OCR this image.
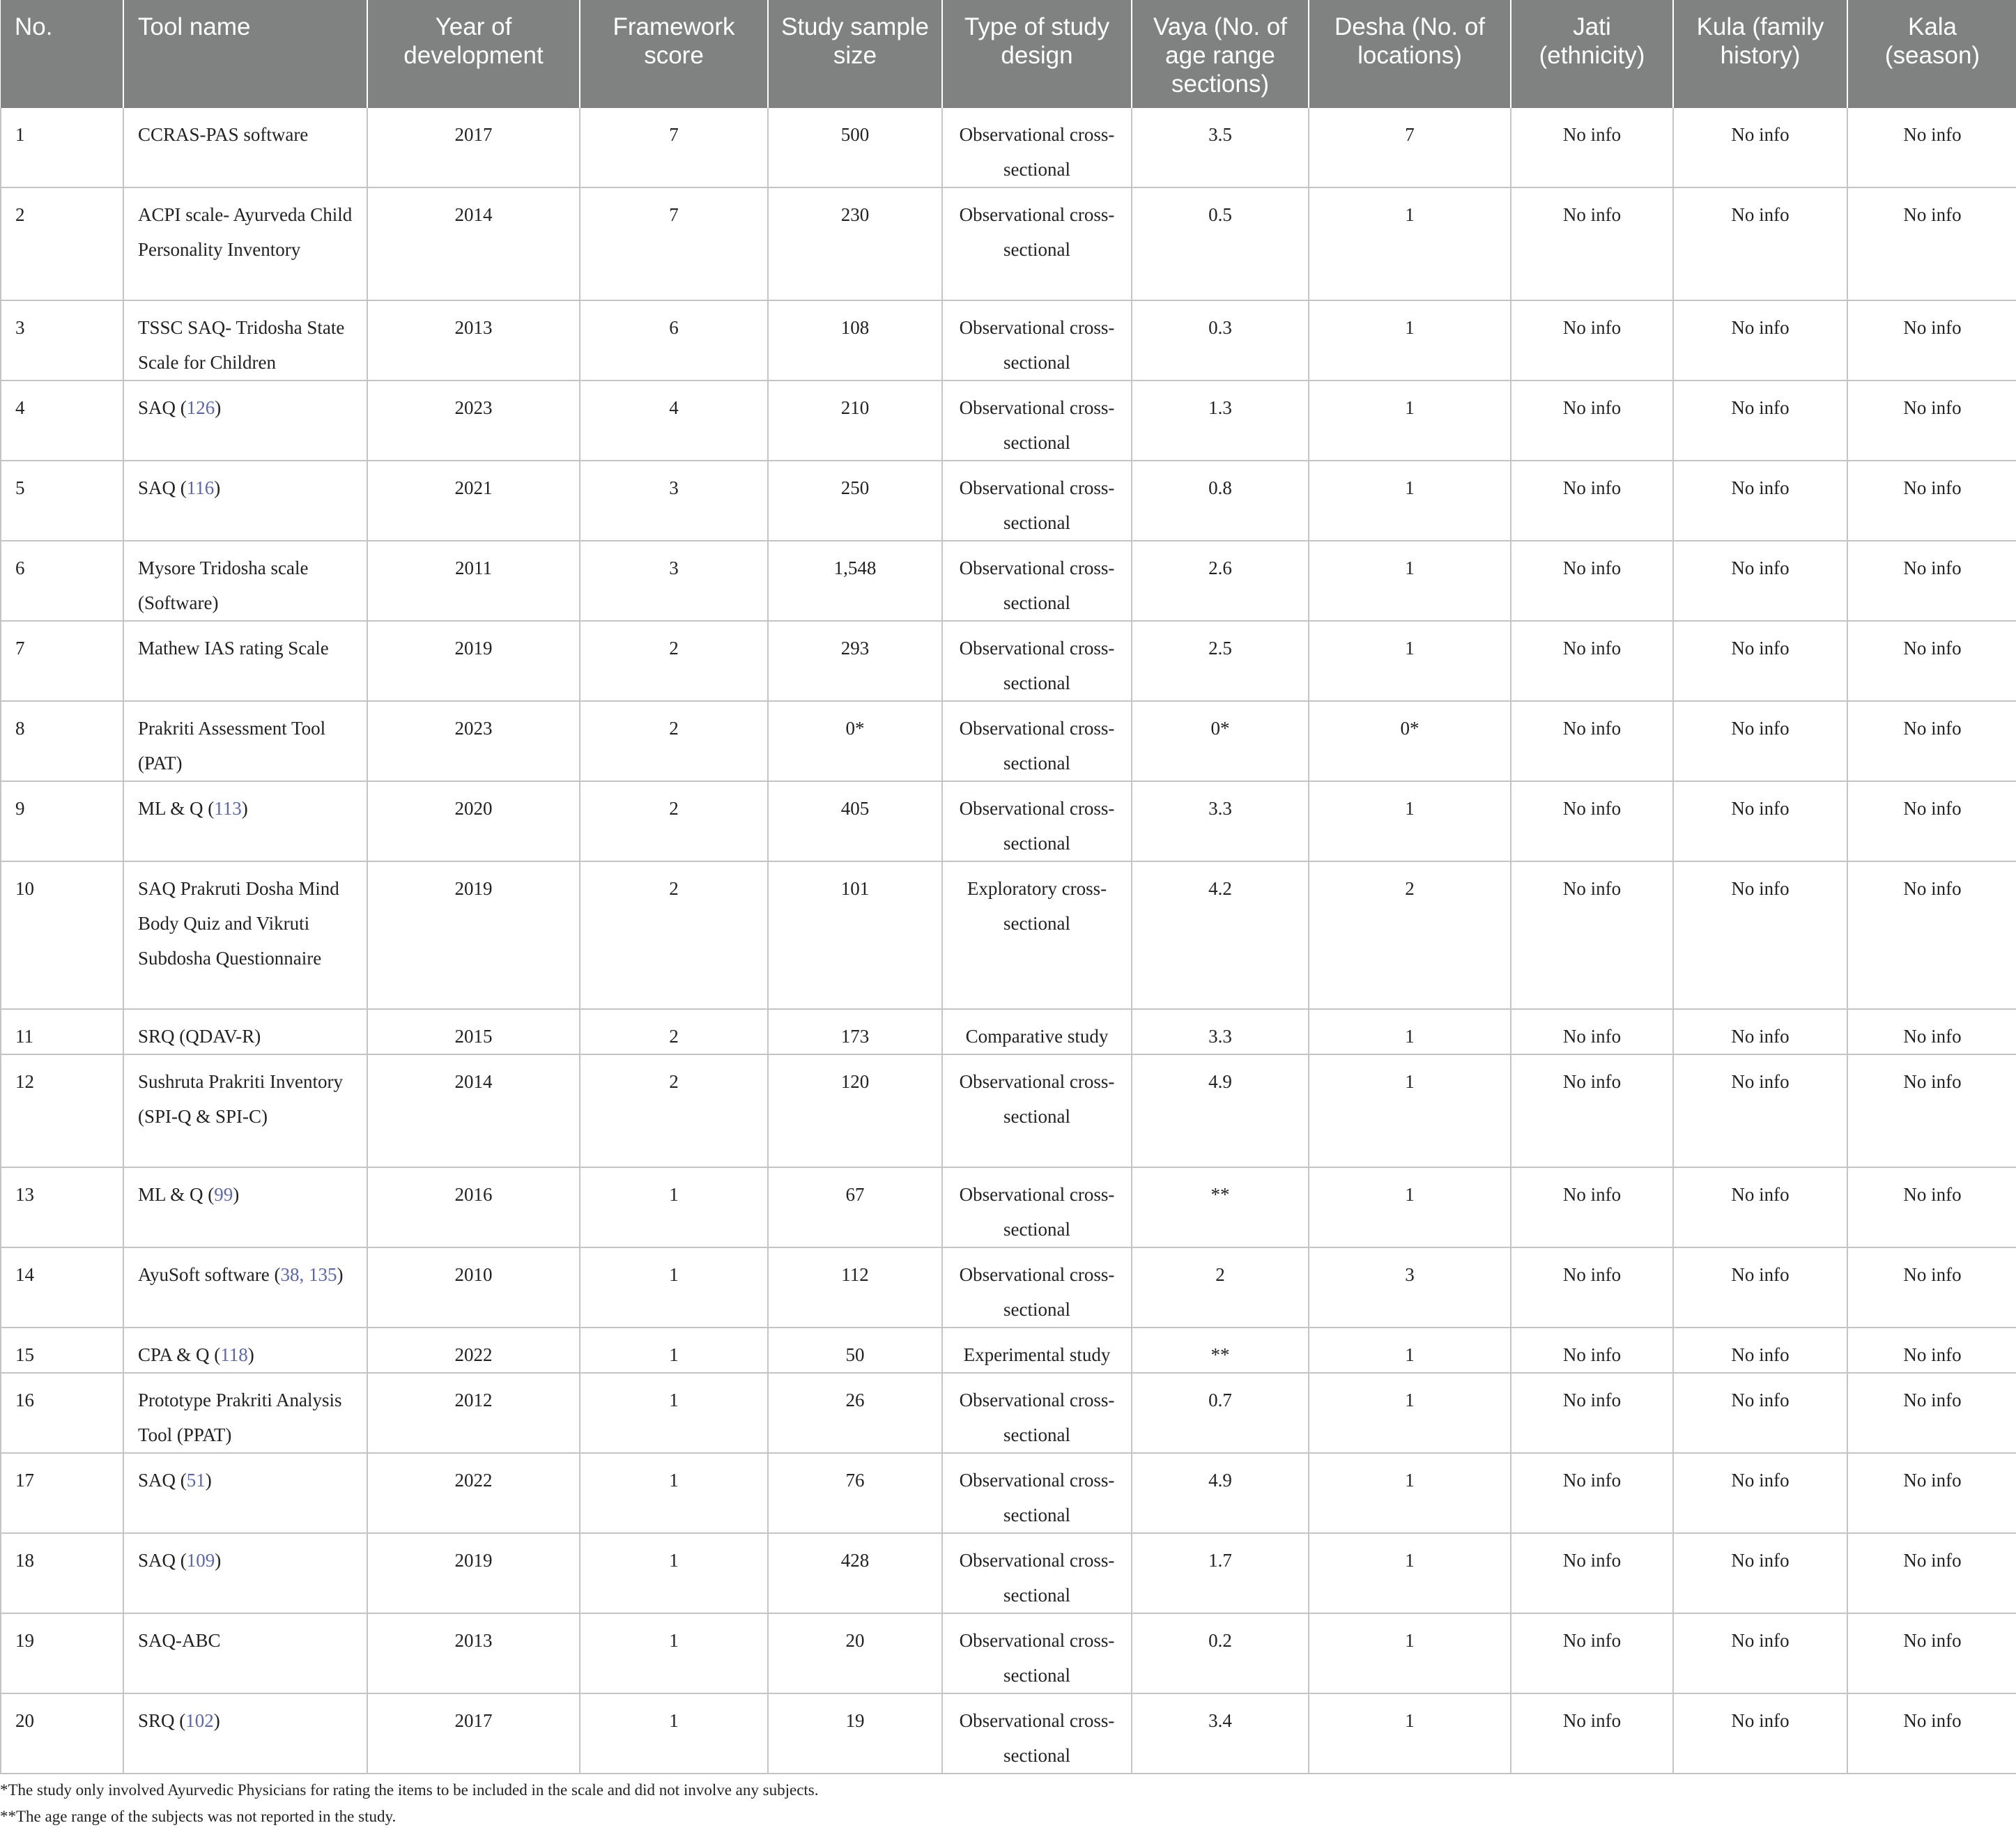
No.	Tool name	Year of development	Framework score	Study sample size	Type of study design	Vaya (No. of age range sections)	Desha (No. of locations)	Jati (ethnicity)	Kula (family history)	Kala (season)
1	CCRAS-PAS software	2017	7	500	Observational cross-sectional	3.5	7	No info	No info	No info
2	ACPI scale- Ayurveda Child Personality Inventory	2014	7	230	Observational cross-sectional	0.5	1	No info	No info	No info
3	TSSC SAQ- Tridosha State Scale for Children	2013	6	108	Observational cross-sectional	0.3	1	No info	No info	No info
4	SAQ (126)	2023	4	210	Observational cross-sectional	1.3	1	No info	No info	No info
5	SAQ (116)	2021	3	250	Observational cross-sectional	0.8	1	No info	No info	No info
6	Mysore Tridosha scale (Software)	2011	3	1,548	Observational cross-sectional	2.6	1	No info	No info	No info
7	Mathew IAS rating Scale	2019	2	293	Observational cross-sectional	2.5	1	No info	No info	No info
8	Prakriti Assessment Tool (PAT)	2023	2	0*	Observational cross-sectional	0*	0*	No info	No info	No info
9	ML & Q (113)	2020	2	405	Observational cross-sectional	3.3	1	No info	No info	No info
10	SAQ Prakruti Dosha Mind Body Quiz and Vikruti Subdosha Questionnaire	2019	2	101	Exploratory cross-sectional	4.2	2	No info	No info	No info
11	SRQ (QDAV-R)	2015	2	173	Comparative study	3.3	1	No info	No info	No info
12	Sushruta Prakriti Inventory (SPI-Q & SPI-C)	2014	2	120	Observational cross-sectional	4.9	1	No info	No info	No info
13	ML & Q (99)	2016	1	67	Observational cross-sectional	**	1	No info	No info	No info
14	AyuSoft software (38, 135)	2010	1	112	Observational cross-sectional	2	3	No info	No info	No info
15	CPA & Q (118)	2022	1	50	Experimental study	**	1	No info	No info	No info
16	Prototype Prakriti Analysis Tool (PPAT)	2012	1	26	Observational cross-sectional	0.7	1	No info	No info	No info
17	SAQ (51)	2022	1	76	Observational cross-sectional	4.9	1	No info	No info	No info
18	SAQ (109)	2019	1	428	Observational cross-sectional	1.7	1	No info	No info	No info
19	SAQ-ABC	2013	1	20	Observational cross-sectional	0.2	1	No info	No info	No info
20	SRQ (102)	2017	1	19	Observational cross-sectional	3.4	1	No info	No info	No info
*The study only involved Ayurvedic Physicians for rating the items to be included in the scale and did not involve any subjects.
**The age range of the subjects was not reported in the study.
